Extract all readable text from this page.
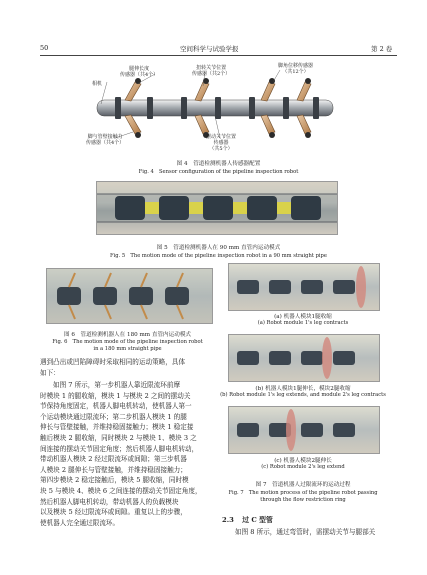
50	空间科学与试验学报	第 2 卷
相机
腿伸长度
传感器（共4个）
扭转关节位置
传感器（共2个）
脚角位移传感器
（共12个）
脚与管壁接触力
传感器（共4个）
摆动关节位置
传感器
（共5个）
图 4　管道检测机器人传感器配置
Fig. 4　Sensor configuration of the pipeline inspection robot
图 5　管道检测机器人在 90 mm 直管内运动模式
Fig. 5　The motion mode of the pipeline inspection robot in a 90 mm straight pipe
图 6　管道检测机器人在 180 mm 直管内运动模式
Fig. 6　The motion mode of the pipeline inspection robot
in a 180 mm straight pipe
遇到凸出或凹陷障碍时采取相同的运动策略，具体
如下：
如图 7 所示，第一步机器人靠近限流环前摩
时模块 1 的腿收缩，模块 1 与模块 2 之间的摆动关
节保持角度固定，机器人脚电机转动，使机器人第一
个运动模块通过限流环；第二步机器人模块 1 的腿
伸长与管壁接触，并维持稳固接触力；模块 1 稳定接
触后模块 2 腿收缩，同时模块 2 与模块 1、模块 3 之
间连接的摆动关节固定角度；然后机器人脚电机转动，
带动机器人模块 2 经过限流环或间隙；第三步机器
人模块 2 腿伸长与管壁接触，并维持稳固接触力；
第四步模块 2 稳定接触后，模块 5 腿收缩，同时模
块 5 与模块 4、模块 6 之间连接的摆动关节固定角度，
然后机器人脚电机转动，带动机器人的负载模块
以及模块 5 经过限流环或间隙。重复以上的步骤，
使机器人完全通过限流环。
(a) 机器人模块1腿收缩
(a) Robot module 1's leg contracts
(b) 机器人模块1腿伸长，模块2腿收缩
(b) Robot module 1's leg extends, and module 2's leg contracts
(c) 机器人模块2腿伸长
(c) Robot module 2's leg extend
图 7　管道机器人过限流环的运动过程
Fig. 7　The motion process of the pipeline robot passing
through the flow restriction ring
2.3 过 C 型管
如图 8 所示，通过弯管时，需摆动关节与腿部关
